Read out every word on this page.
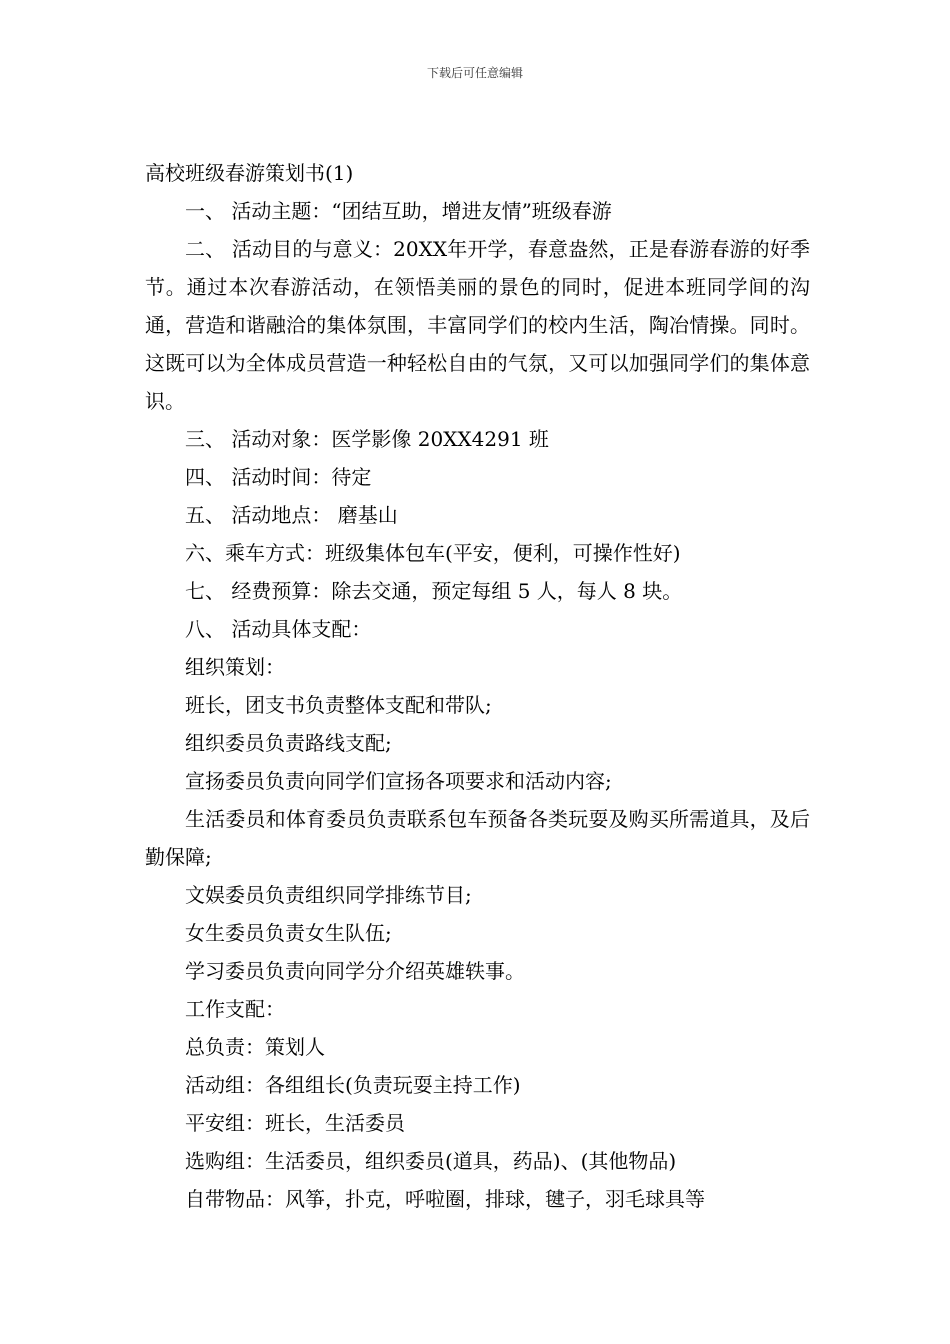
下载后可任意编辑

高校班级春游策划书(1)

一、 活动主题：“团结互助，增进友情”班级春游

二、 活动目的与意义：20XX年开学，春意盎然，正是春游春游的好季节。通过本次春游活动，在领悟美丽的景色的同时，促进本班同学间的沟通，营造和谐融洽的集体氛围，丰富同学们的校内生活，陶冶情操。同时。这既可以为全体成员营造一种轻松自由的气氛，又可以加强同学们的集体意识。

三、 活动对象：医学影像 20XX4291 班

四、 活动时间：待定

五、 活动地点： 磨基山

六、乘车方式：班级集体包车(平安，便利，可操作性好)

七、 经费预算：除去交通，预定每组 5 人，每人 8 块。

八、 活动具体支配：

组织策划：

班长，团支书负责整体支配和带队;

组织委员负责路线支配;

宣扬委员负责向同学们宣扬各项要求和活动内容;

生活委员和体育委员负责联系包车预备各类玩耍及购买所需道具，及后勤保障;

文娱委员负责组织同学排练节目;

女生委员负责女生队伍;

学习委员负责向同学分介绍英雄轶事。

工作支配：

总负责：策划人

活动组：各组组长(负责玩耍主持工作)

平安组：班长，生活委员

选购组：生活委员，组织委员(道具，药品)、(其他物品)

自带物品：风筝，扑克，呼啦圈，排球，毽子，羽毛球具等
